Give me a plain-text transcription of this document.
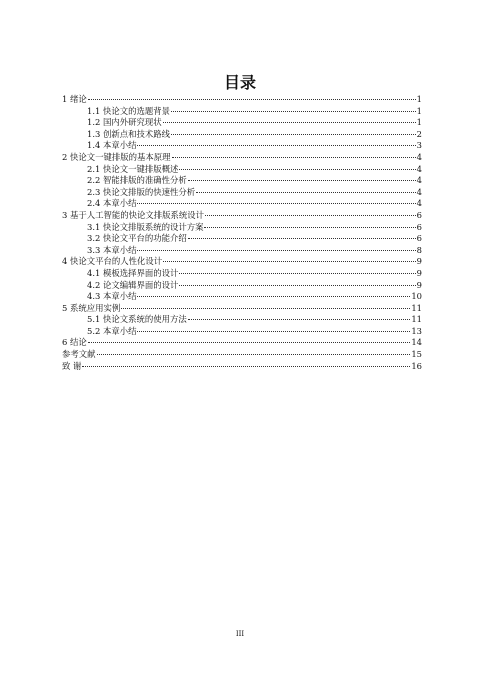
目录
1 绪论	1
1.1 快论文的选题背景	1
1.2 国内外研究现状	1
1.3 创新点和技术路线	2
1.4 本章小结	3
2 快论文一键排版的基本原理	4
2.1 快论文一键排版概述	4
2.2 智能排版的准确性分析	4
2.3 快论文排版的快速性分析	4
2.4 本章小结	4
3 基于人工智能的快论文排版系统设计	6
3.1 快论文排版系统的设计方案	6
3.2 快论文平台的功能介绍	6
3.3 本章小结	8
4 快论文平台的人性化设计	9
4.1 模板选择界面的设计	9
4.2 论文编辑界面的设计	9
4.3 本章小结	10
5 系统应用实例	11
5.1 快论文系统的使用方法	11
5.2 本章小结	13
6 结论	14
参考文献	15
致 谢	16
III
